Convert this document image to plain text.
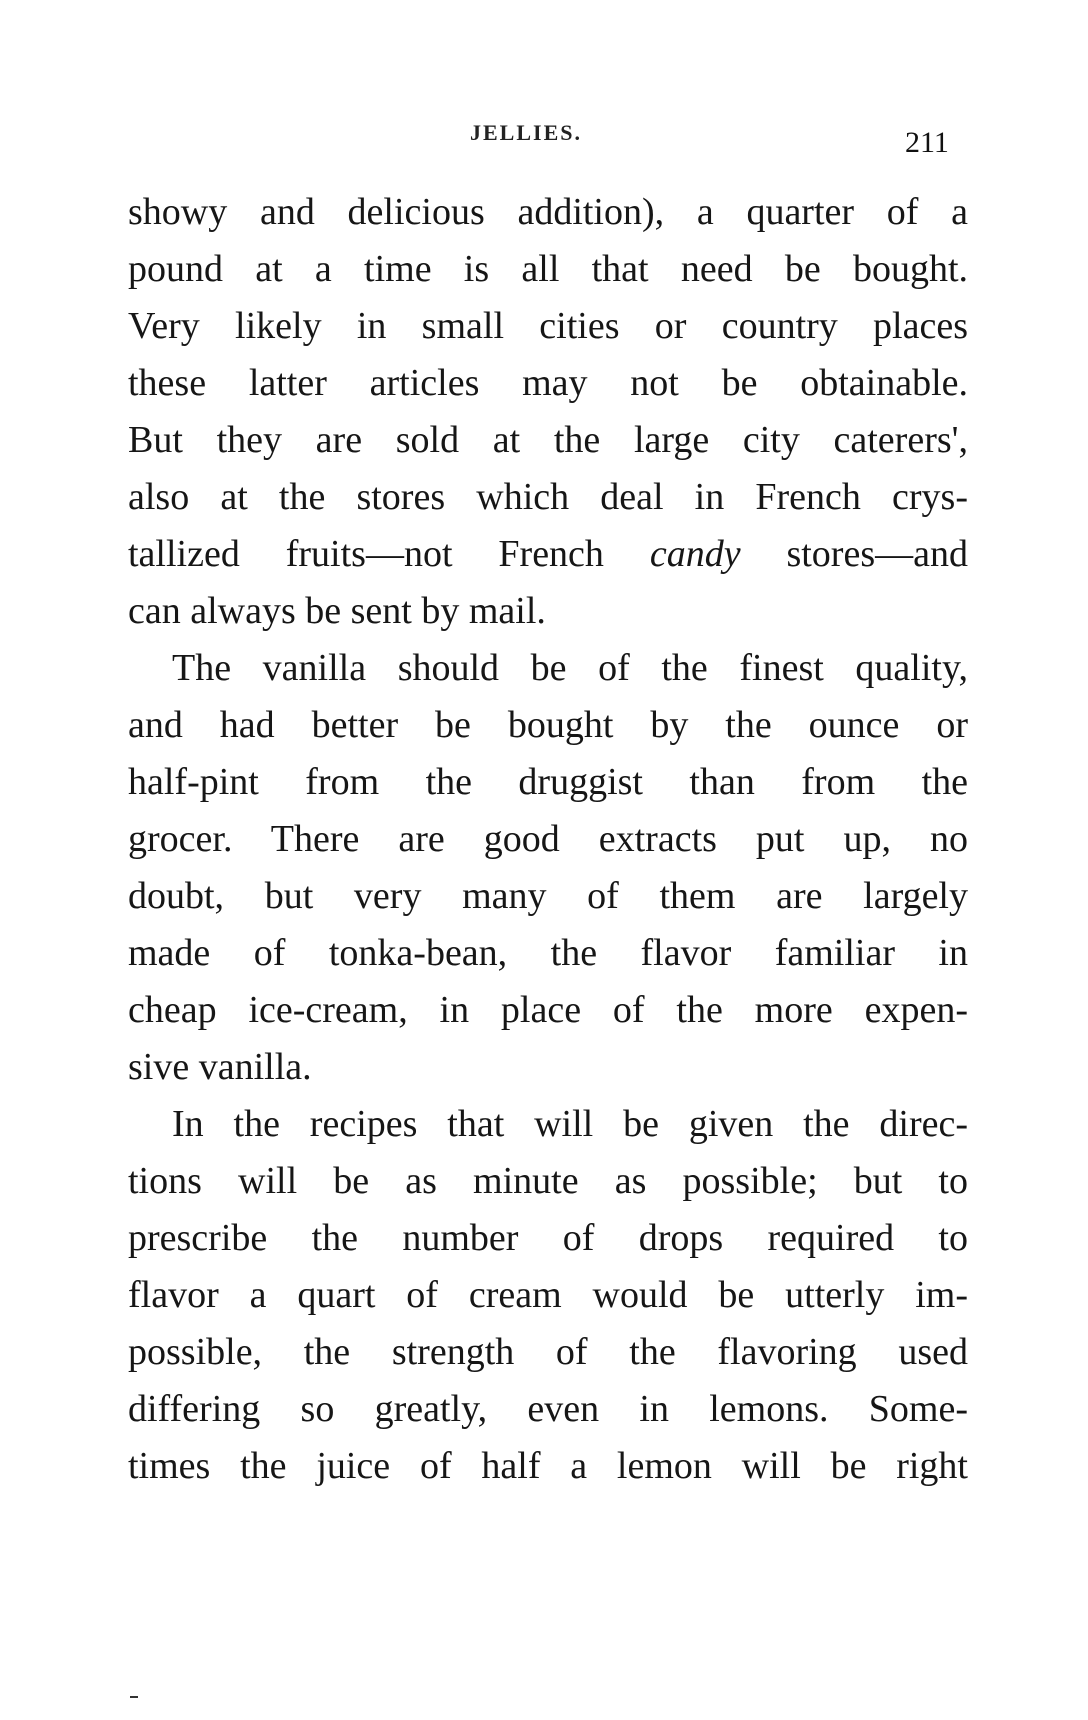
JELLIES.	211
showy and delicious addition), a quarter of a
pound at a time is all that need be bought.
Very likely in small cities or country places
these latter articles may not be obtainable.
But they are sold at the large city caterers',
also at the stores which deal in French crys-
tallized fruits—not French candy stores—and
can always be sent by mail.
The vanilla should be of the finest quality,
and had better be bought by the ounce or
half-pint from the druggist than from the
grocer. There are good extracts put up, no
doubt, but very many of them are largely
made of tonka-bean, the flavor familiar in
cheap ice-cream, in place of the more expen-
sive vanilla.
In the recipes that will be given the direc-
tions will be as minute as possible; but to
prescribe the number of drops required to
flavor a quart of cream would be utterly im-
possible, the strength of the flavoring used
differing so greatly, even in lemons. Some-
times the juice of half a lemon will be right
